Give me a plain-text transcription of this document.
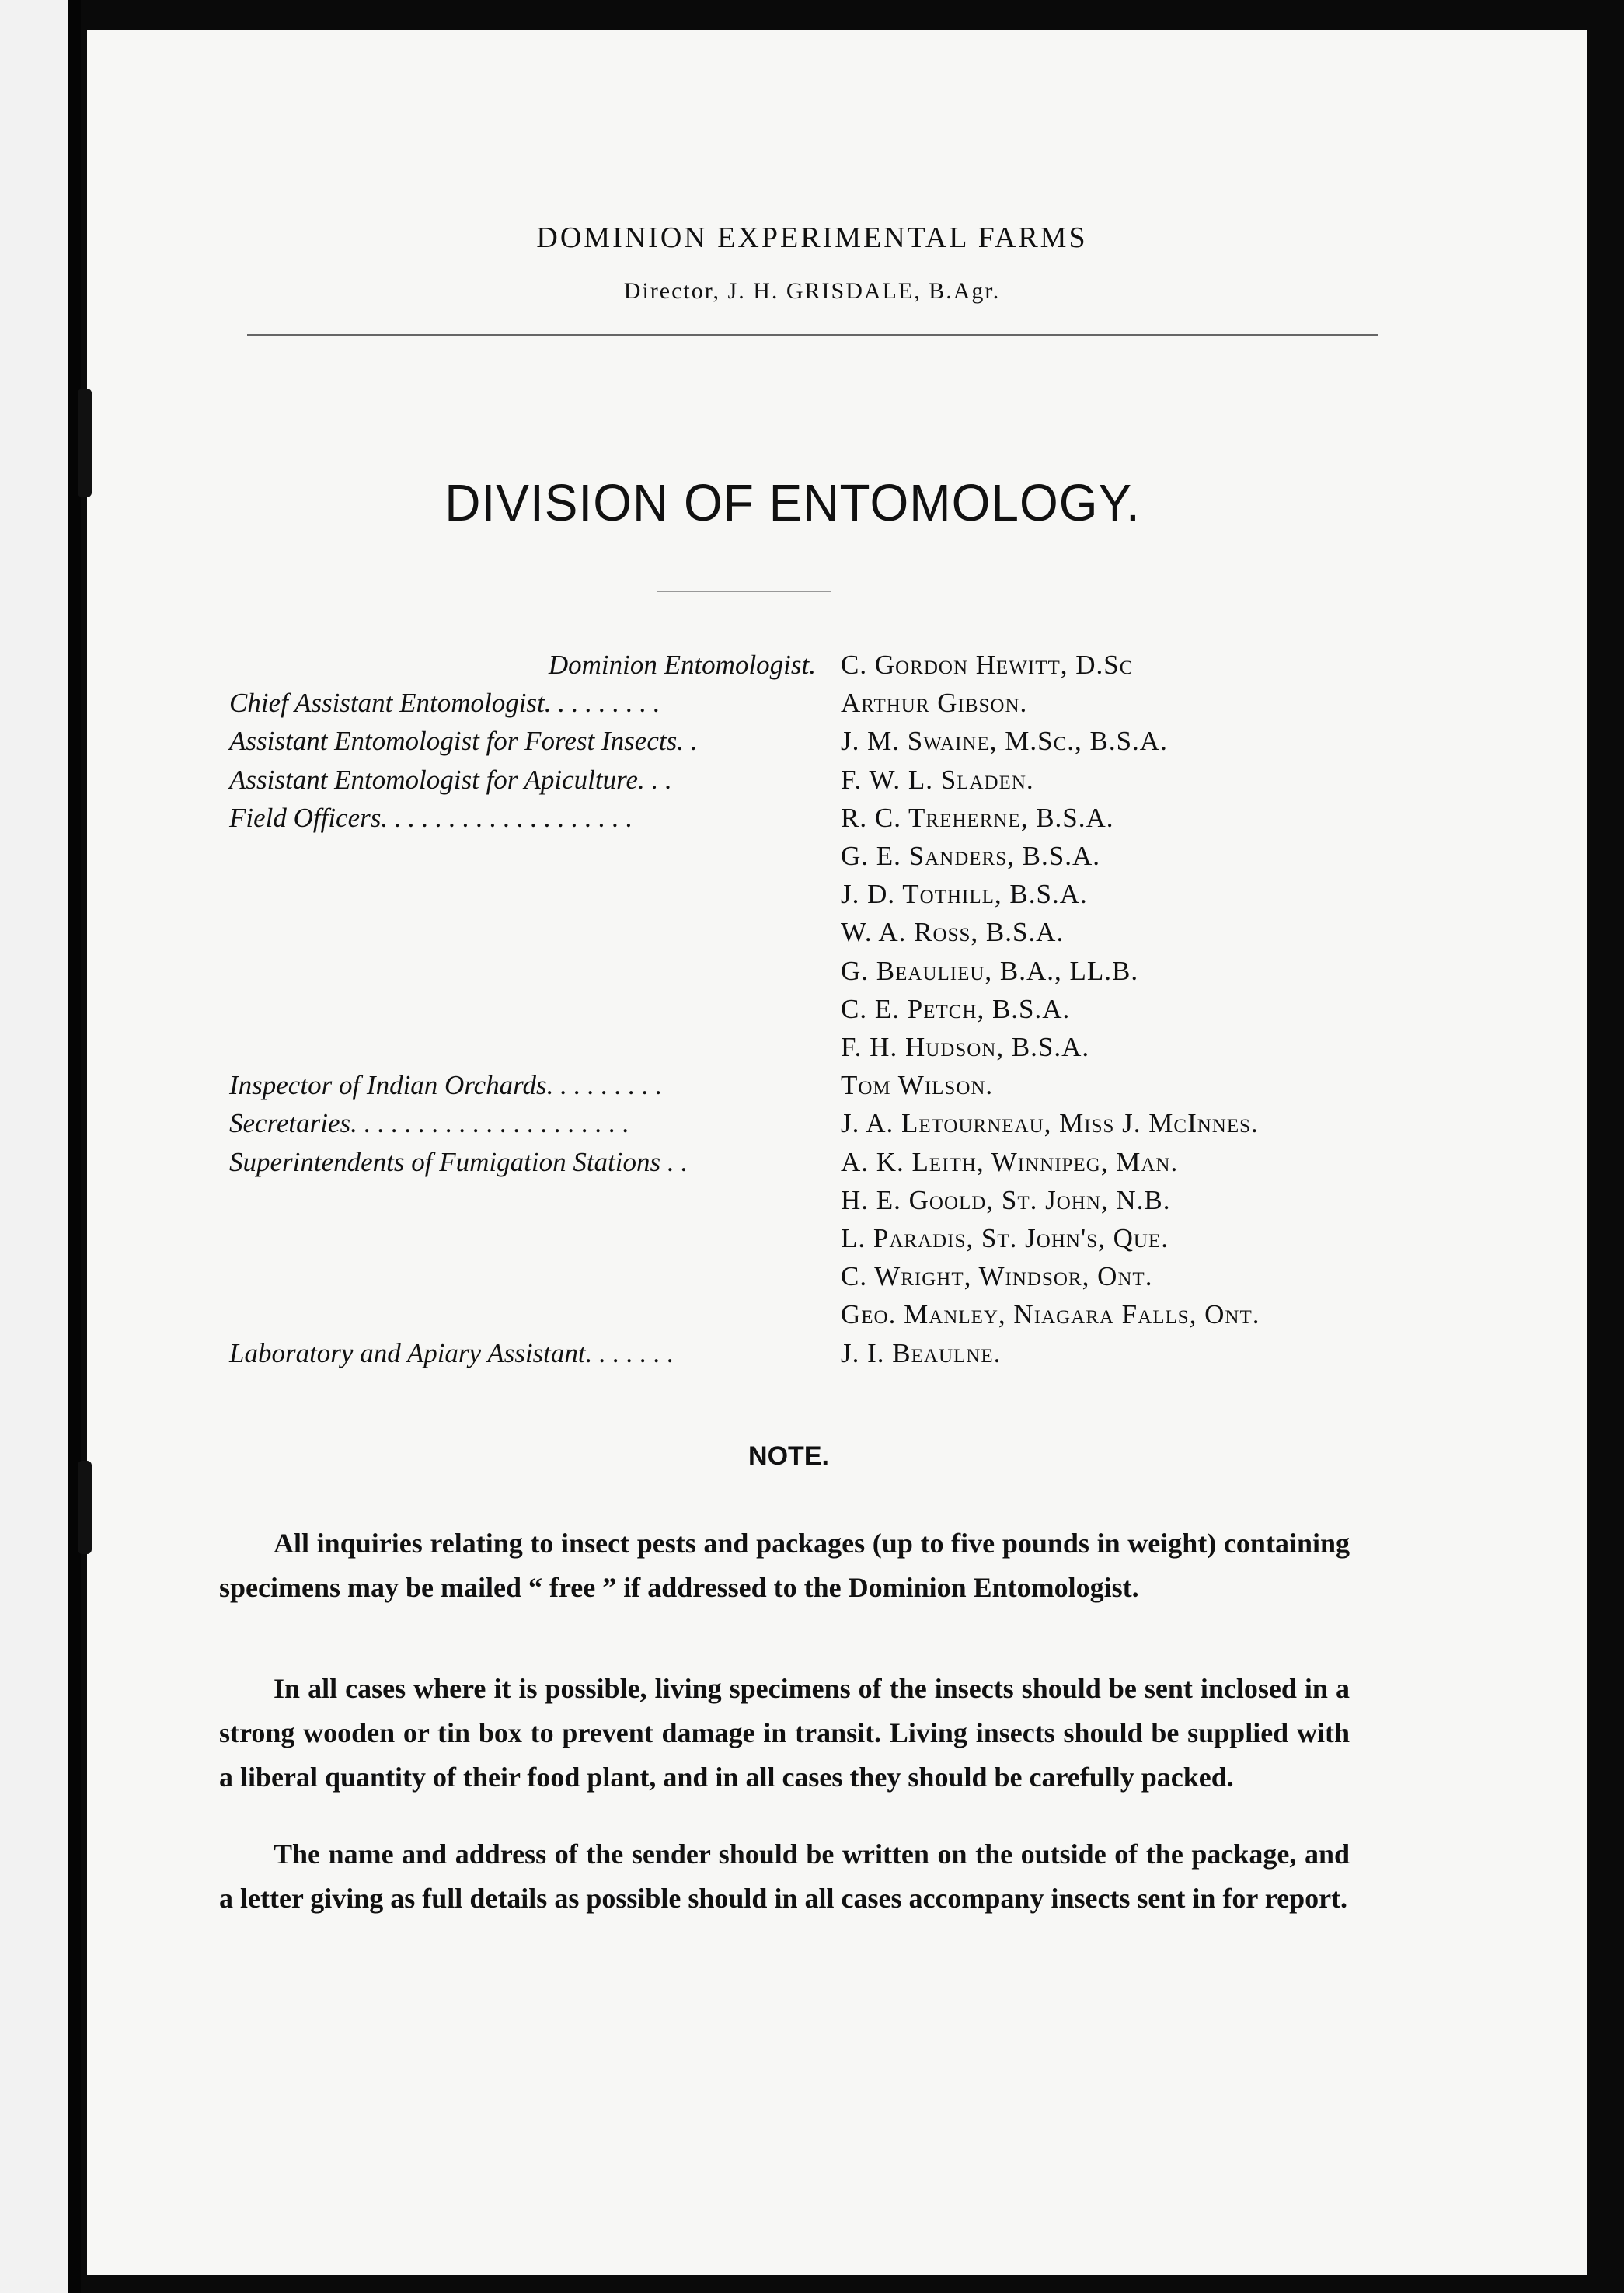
DOMINION EXPERIMENTAL FARMS
Director, J. H. GRISDALE, B.Agr.
DIVISION OF ENTOMOLOGY.
Dominion Entomologist. C. Gordon Hewitt, D.Sc
Chief Assistant Entomologist. . . . . . . . .	Arthur Gibson.
Assistant Entomologist for Forest Insects. .	J. M. Swaine, M.Sc., B.S.A.
Assistant Entomologist for Apiculture. . .	F. W. L. Sladen.
Field Officers. . . . . . . . . . . . . . . . . . .	R. C. Treherne, B.S.A.
G. E. Sanders, B.S.A.
J. D. Tothill, B.S.A.
W. A. Ross, B.S.A.
G. Beaulieu, B.A., LL.B.
C. E. Petch, B.S.A.
F. H. Hudson, B.S.A.
Inspector of Indian Orchards. . . . . . . . .	Tom Wilson.
Secretaries. . . . . . . . . . . . . . . . . . . . .	J. A. Letourneau, Miss J. McInnes.
Superintendents of Fumigation Stations . .	A. K. Leith, Winnipeg, Man.
H. E. Goold, St. John, N.B.
L. Paradis, St. John's, Que.
C. Wright, Windsor, Ont.
Geo. Manley, Niagara Falls, Ont.
Laboratory and Apiary Assistant. . . . . . .	J. I. Beaulne.
NOTE.
All inquiries relating to insect pests and packages (up to five pounds in weight) containing specimens may be mailed “ free ” if addressed to the Dominion Entomologist.
In all cases where it is possible, living specimens of the insects should be sent inclosed in a strong wooden or tin box to prevent damage in transit. Living insects should be supplied with a liberal quantity of their food plant, and in all cases they should be carefully packed.
The name and address of the sender should be written on the outside of the package, and a letter giving as full details as possible should in all cases accompany insects sent in for report.
